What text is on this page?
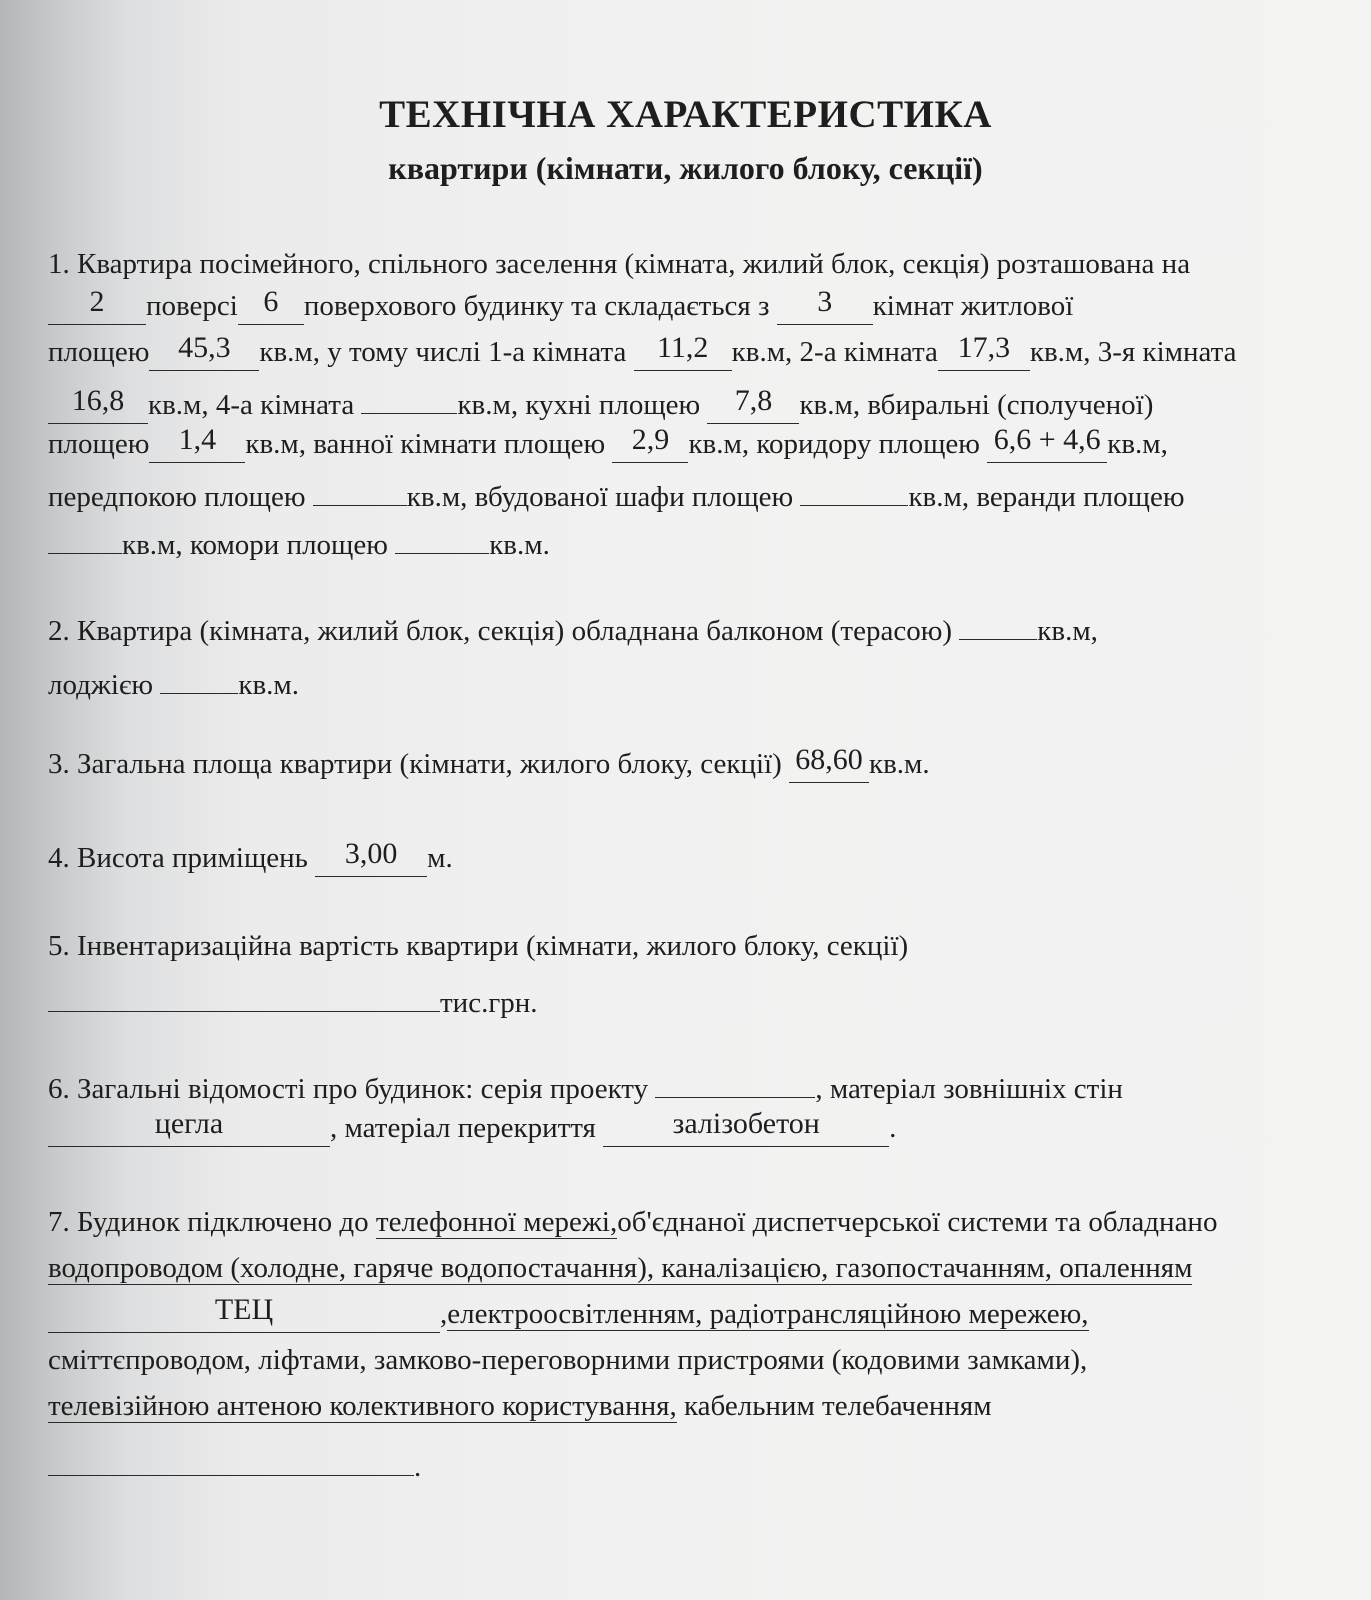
ТЕХНІЧНА ХАРАКТЕРИСТИКА
квартири (кімнати, жилого блоку, секції)
1. Квартира посімейного, спільного заселення (кімната, жилий блок, секція) розташована на
2 поверсі 6 поверхового будинку та складається з 3 кімнат житлової
площею 45,3 кв.м, у тому числі 1-а кімната 11,2 кв.м, 2-а кімната 17,3 кв.м, 3-я кімната
16,8 кв.м, 4-а кімната	кв.м, кухні площею 7,8 кв.м, вбиральні (сполученої)
площею 1,4 кв.м, ванної кімнати площею 2,9 кв.м, коридору площею 6,6 + 4,6 кв.м,
передпокою площею	кв.м, вбудованої шафи площею	кв.м, веранди площею
кв.м, комори площею	кв.м.
2. Квартира (кімната, жилий блок, секція) обладнана балконом (терасою)	кв.м,
лоджією	кв.м.
3. Загальна площа квартири (кімнати, жилого блоку, секції) 68,60 кв.м.
4. Висота приміщень 3,00 м.
5. Інвентаризаційна вартість квартири (кімнати, жилого блоку, секції)
тис.грн.
6. Загальні відомості про будинок: серія проекту	, матеріал зовнішніх стін
цегла	, матеріал перекриття	залізобетон .
7. Будинок підключено до телефонної мережі,об'єднаної диспетчерської системи та обладнано
водопроводом (холодне, гаряче водопостачання), каналізацією, газопостачанням, опаленням
ТЕЦ	,електроосвітленням, радіотрансляційною мережею,
сміттєпроводом, ліфтами, замково-переговорними пристроями (кодовими замками),
телевізійною антеною колективного користування, кабельним телебаченням
.
